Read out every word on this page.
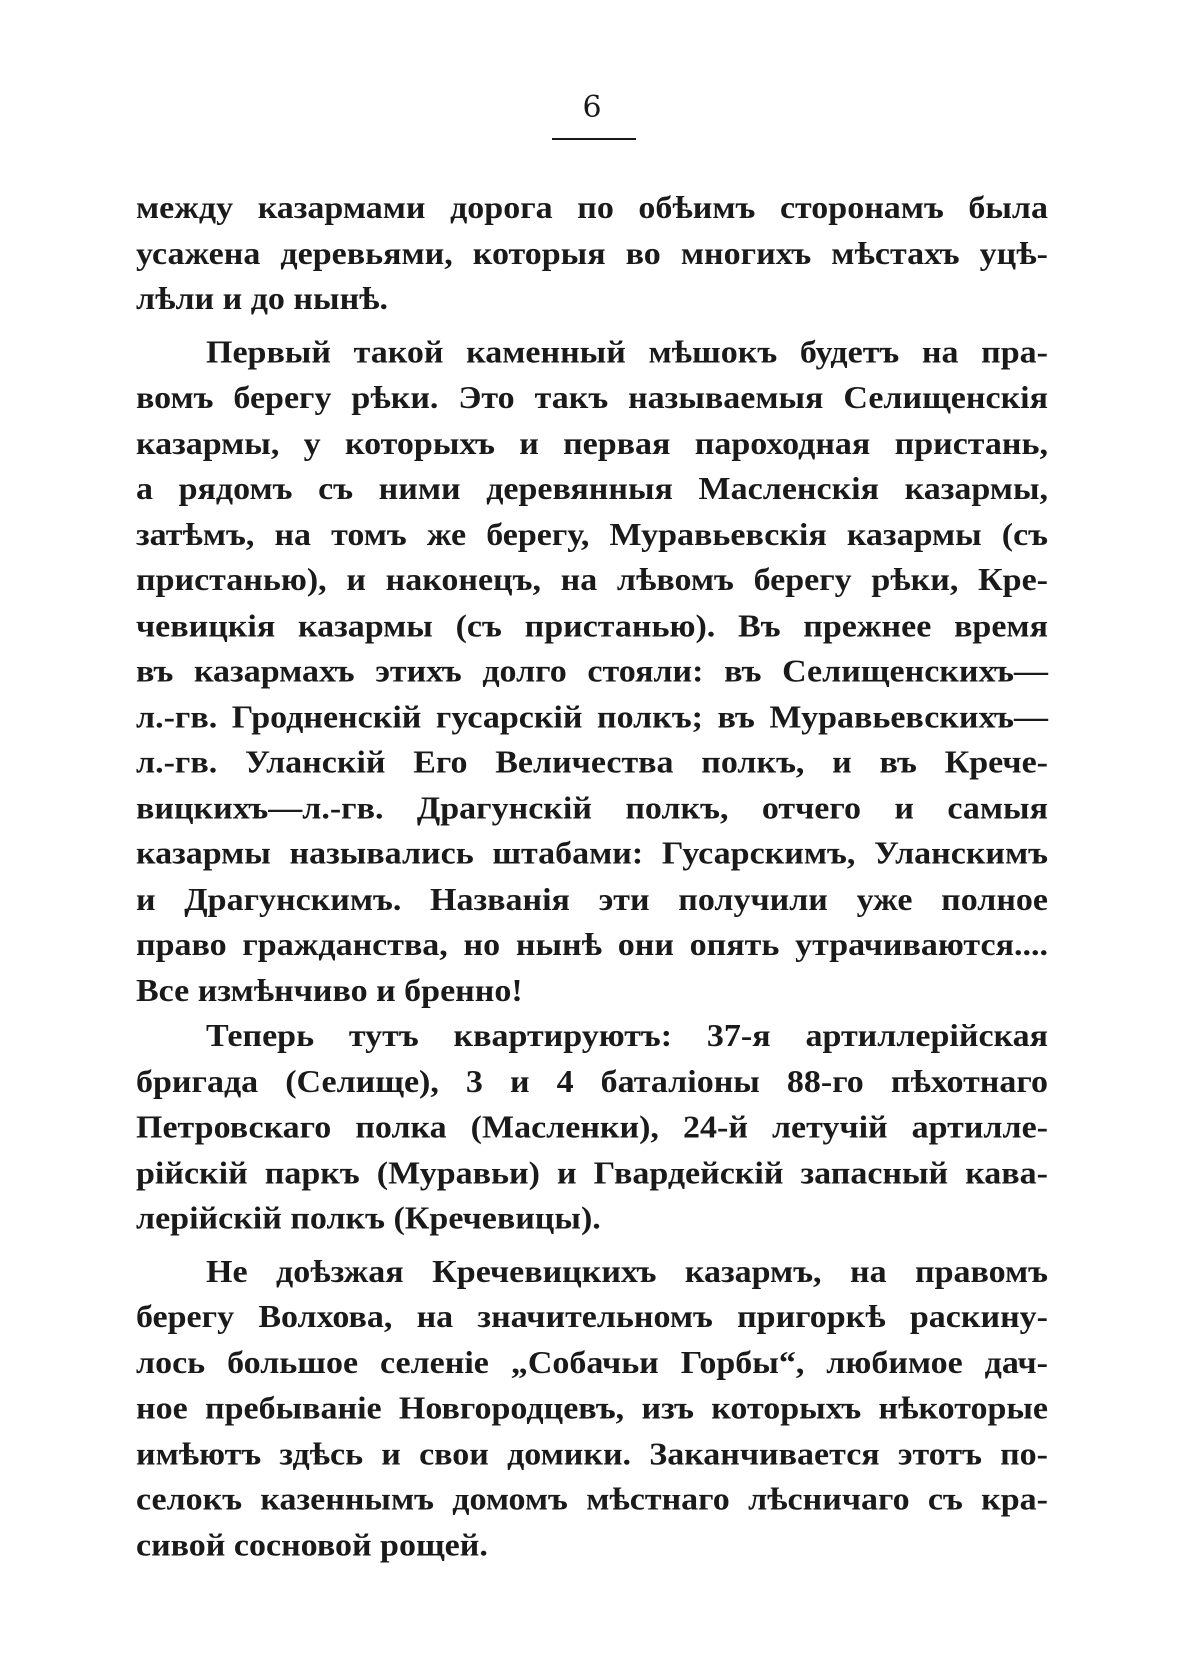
6
между казармами дорога по обѣимъ сторонамъ была
усажена деревьями, которыя во многихъ мѣстахъ уцѣ-
лѣли и до нынѣ.
Первый такой каменный мѣшокъ будетъ на пра-
вомъ берегу рѣки. Это такъ называемыя Селищенскія
казармы, у которыхъ и первая пароходная пристань,
а рядомъ съ ними деревянныя Масленскія казармы,
затѣмъ, на томъ же берегу, Муравьевскія казармы (съ
пристанью), и наконецъ, на лѣвомъ берегу рѣки, Кре-
чевицкія казармы (съ пристанью). Въ прежнее время
въ казармахъ этихъ долго стояли: въ Селищенскихъ—
л.-гв. Гродненскій гусарскій полкъ; въ Муравьевскихъ—
л.-гв. Уланскій Его Величества полкъ, и въ Крече-
вицкихъ—л.-гв. Драгунскій полкъ, отчего и самыя
казармы назывались штабами: Гусарскимъ, Уланскимъ
и Драгунскимъ. Названія эти получили уже полное
право гражданства, но нынѣ они опять утрачиваются....
Все измѣнчиво и бренно!
Теперь тутъ квартируютъ: 37-я артиллерійская
бригада (Селище), 3 и 4 баталіоны 88-го пѣхотнаго
Петровскаго полка (Масленки), 24-й летучій артилле-
рійскій паркъ (Муравьи) и Гвардейскій запасный кава-
лерійскій полкъ (Кречевицы).
Не доѣзжая Кречевицкихъ казармъ, на правомъ
берегу Волхова, на значительномъ пригоркѣ раскину-
лось большое селеніе „Собачьи Горбы“, любимое дач-
ное пребываніе Новгородцевъ, изъ которыхъ нѣкоторые
имѣютъ здѣсь и свои домики. Заканчивается этотъ по-
селокъ казеннымъ домомъ мѣстнаго лѣсничаго съ кра-
сивой сосновой рощей.
